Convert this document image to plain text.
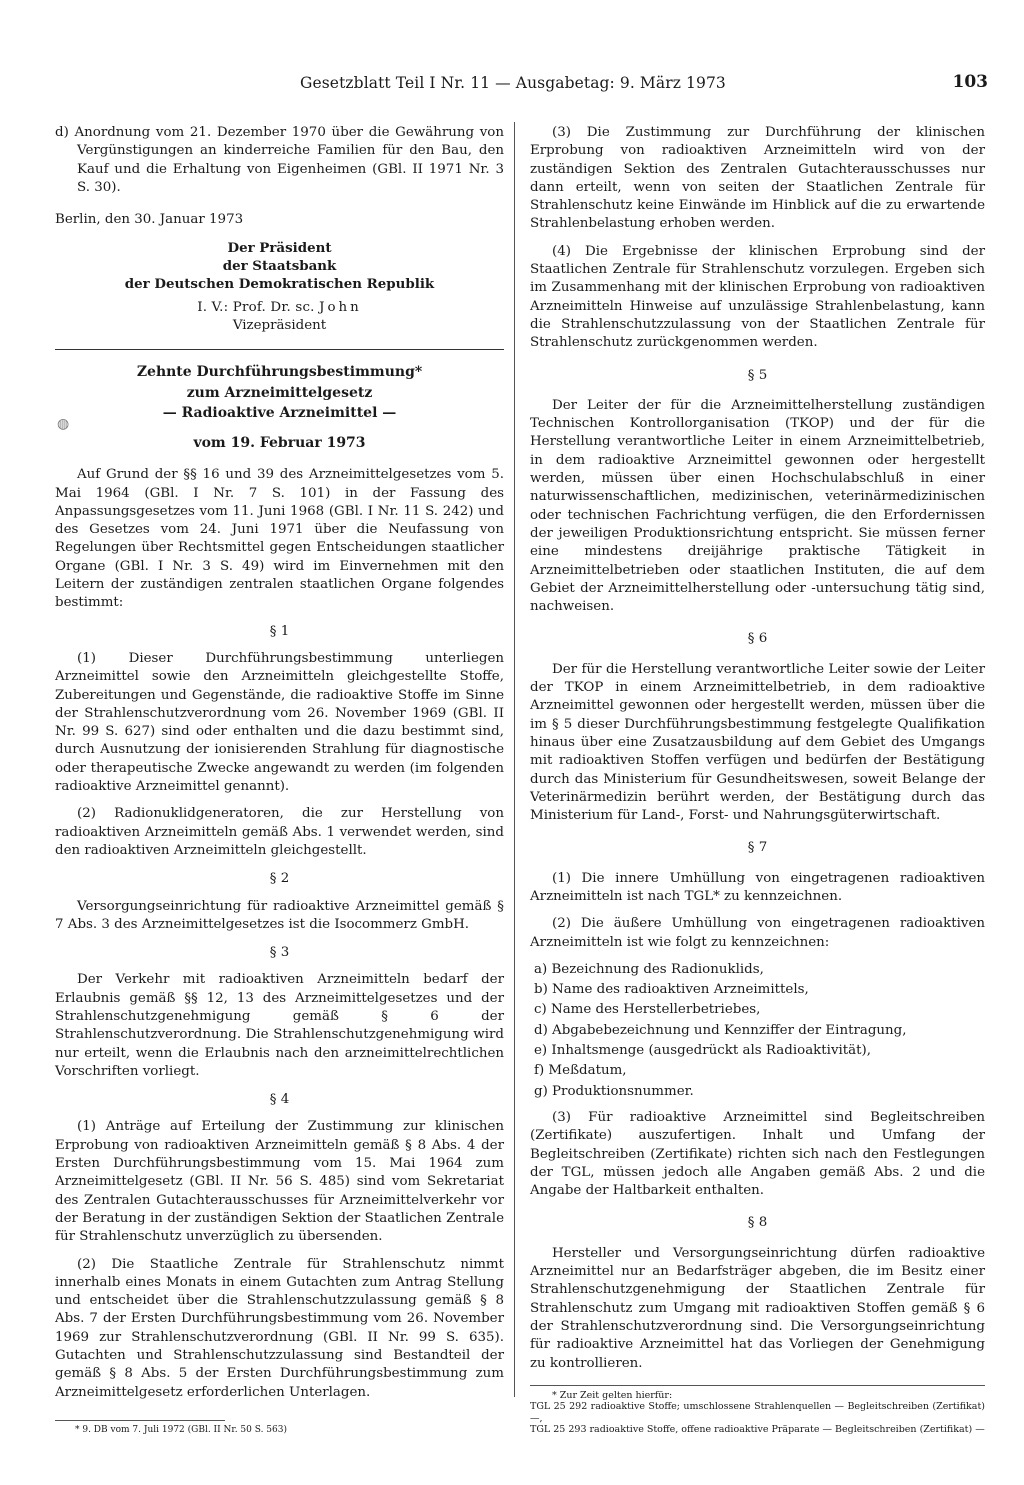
Gesetzblatt Teil I Nr. 11 — Ausgabetag: 9. März 1973	103
◍

d) Anordnung vom 21. Dezember 1970 über die Gewährung von Vergünstigungen an kinderreiche Familien für den Bau, den Kauf und die Erhaltung von Eigenheimen (GBl. II 1971 Nr. 3 S. 30).

Berlin, den 30. Januar 1973

Der Präsident
der Staatsbank
der Deutschen Demokratischen Republik
I. V.: Prof. Dr. sc. John
Vizepräsident
Zehnte Durchführungsbestimmung*
zum Arzneimittelgesetz
— Radioaktive Arzneimittel —
vom 19. Februar 1973

Auf Grund der §§ 16 und 39 des Arzneimittelgesetzes vom 5. Mai 1964 (GBl. I Nr. 7 S. 101) in der Fassung des Anpassungsgesetzes vom 11. Juni 1968 (GBl. I Nr. 11 S. 242) und des Gesetzes vom 24. Juni 1971 über die Neufassung von Regelungen über Rechtsmittel gegen Entscheidungen staatlicher Organe (GBl. I Nr. 3 S. 49) wird im Einvernehmen mit den Leitern der zuständigen zentralen staatlichen Organe folgendes bestimmt:

§ 1

(1) Dieser Durchführungsbestimmung unterliegen Arzneimittel sowie den Arzneimitteln gleichgestellte Stoffe, Zubereitungen und Gegenstände, die radioaktive Stoffe im Sinne der Strahlenschutzverordnung vom 26. November 1969 (GBl. II Nr. 99 S. 627) sind oder enthalten und die dazu bestimmt sind, durch Ausnutzung der ionisierenden Strahlung für diagnostische oder therapeutische Zwecke angewandt zu werden (im folgenden radioaktive Arzneimittel genannt).

(2) Radionuklidgeneratoren, die zur Herstellung von radioaktiven Arzneimitteln gemäß Abs. 1 verwendet werden, sind den radioaktiven Arzneimitteln gleichgestellt.

§ 2

Versorgungseinrichtung für radioaktive Arzneimittel gemäß § 7 Abs. 3 des Arzneimittelgesetzes ist die Isocommerz GmbH.

§ 3

Der Verkehr mit radioaktiven Arzneimitteln bedarf der Erlaubnis gemäß §§ 12, 13 des Arzneimittelgesetzes und der Strahlenschutzgenehmigung gemäß § 6 der Strahlenschutzverordnung. Die Strahlenschutzgenehmigung wird nur erteilt, wenn die Erlaubnis nach den arzneimittelrechtlichen Vorschriften vorliegt.

§ 4

(1) Anträge auf Erteilung der Zustimmung zur klinischen Erprobung von radioaktiven Arzneimitteln gemäß § 8 Abs. 4 der Ersten Durchführungsbestimmung vom 15. Mai 1964 zum Arzneimittelgesetz (GBl. II Nr. 56 S. 485) sind vom Sekretariat des Zentralen Gutachterausschusses für Arzneimittelverkehr vor der Beratung in der zuständigen Sektion der Staatlichen Zentrale für Strahlenschutz unverzüglich zu übersenden.

(2) Die Staatliche Zentrale für Strahlenschutz nimmt innerhalb eines Monats in einem Gutachten zum Antrag Stellung und entscheidet über die Strahlenschutzzulassung gemäß § 8 Abs. 7 der Ersten Durchführungsbestimmung vom 26. November 1969 zur Strahlenschutzverordnung (GBl. II Nr. 99 S. 635). Gutachten und Strahlenschutzzulassung sind Bestandteil der gemäß § 8 Abs. 5 der Ersten Durchführungsbestimmung zum Arzneimittelgesetz erforderlichen Unterlagen.

* 9. DB vom 7. Juli 1972 (GBl. II Nr. 50 S. 563)

(3) Die Zustimmung zur Durchführung der klinischen Erprobung von radioaktiven Arzneimitteln wird von der zuständigen Sektion des Zentralen Gutachterausschusses nur dann erteilt, wenn von seiten der Staatlichen Zentrale für Strahlenschutz keine Einwände im Hinblick auf die zu erwartende Strahlenbelastung erhoben werden.

(4) Die Ergebnisse der klinischen Erprobung sind der Staatlichen Zentrale für Strahlenschutz vorzulegen. Ergeben sich im Zusammenhang mit der klinischen Erprobung von radioaktiven Arzneimitteln Hinweise auf unzulässige Strahlenbelastung, kann die Strahlenschutzzulassung von der Staatlichen Zentrale für Strahlenschutz zurückgenommen werden.

§ 5

Der Leiter der für die Arzneimittelherstellung zuständigen Technischen Kontrollorganisation (TKOP) und der für die Herstellung verantwortliche Leiter in einem Arzneimittelbetrieb, in dem radioaktive Arzneimittel gewonnen oder hergestellt werden, müssen über einen Hochschulabschluß in einer naturwissenschaftlichen, medizinischen, veterinärmedizinischen oder technischen Fachrichtung verfügen, die den Erfordernissen der jeweiligen Produktionsrichtung entspricht. Sie müssen ferner eine mindestens dreijährige praktische Tätigkeit in Arzneimittelbetrieben oder staatlichen Instituten, die auf dem Gebiet der Arzneimittelherstellung oder -untersuchung tätig sind, nachweisen.

§ 6

Der für die Herstellung verantwortliche Leiter sowie der Leiter der TKOP in einem Arzneimittelbetrieb, in dem radioaktive Arzneimittel gewonnen oder hergestellt werden, müssen über die im § 5 dieser Durchführungsbestimmung festgelegte Qualifikation hinaus über eine Zusatzausbildung auf dem Gebiet des Umgangs mit radioaktiven Stoffen verfügen und bedürfen der Bestätigung durch das Ministerium für Gesundheitswesen, soweit Belange der Veterinärmedizin berührt werden, der Bestätigung durch das Ministerium für Land-, Forst- und Nahrungsgüterwirtschaft.

§ 7

(1) Die innere Umhüllung von eingetragenen radioaktiven Arzneimitteln ist nach TGL* zu kennzeichnen.

(2) Die äußere Umhüllung von eingetragenen radioaktiven Arzneimitteln ist wie folgt zu kennzeichnen:

a) Bezeichnung des Radionuklids,
b) Name des radioaktiven Arzneimittels,
c) Name des Herstellerbetriebes,
d) Abgabebezeichnung und Kennziffer der Eintragung,
e) Inhaltsmenge (ausgedrückt als Radioaktivität),
f) Meßdatum,
g) Produktionsnummer.

(3) Für radioaktive Arzneimittel sind Begleitschreiben (Zertifikate) auszufertigen. Inhalt und Umfang der Begleitschreiben (Zertifikate) richten sich nach den Festlegungen der TGL, müssen jedoch alle Angaben gemäß Abs. 2 und die Angabe der Haltbarkeit enthalten.

§ 8

Hersteller und Versorgungseinrichtung dürfen radioaktive Arzneimittel nur an Bedarfsträger abgeben, die im Besitz einer Strahlenschutzgenehmigung der Staatlichen Zentrale für Strahlenschutz zum Umgang mit radioaktiven Stoffen gemäß § 6 der Strahlenschutzverordnung sind. Die Versorgungseinrichtung für radioaktive Arzneimittel hat das Vorliegen der Genehmigung zu kontrollieren.

* Zur Zeit gelten hierfür:

TGL 25 292 radioaktive Stoffe; umschlossene Strahlenquellen — Begleitschreiben (Zertifikat) —,

TGL 25 293 radioaktive Stoffe, offene radioaktive Präparate — Begleitschreiben (Zertifikat) —
